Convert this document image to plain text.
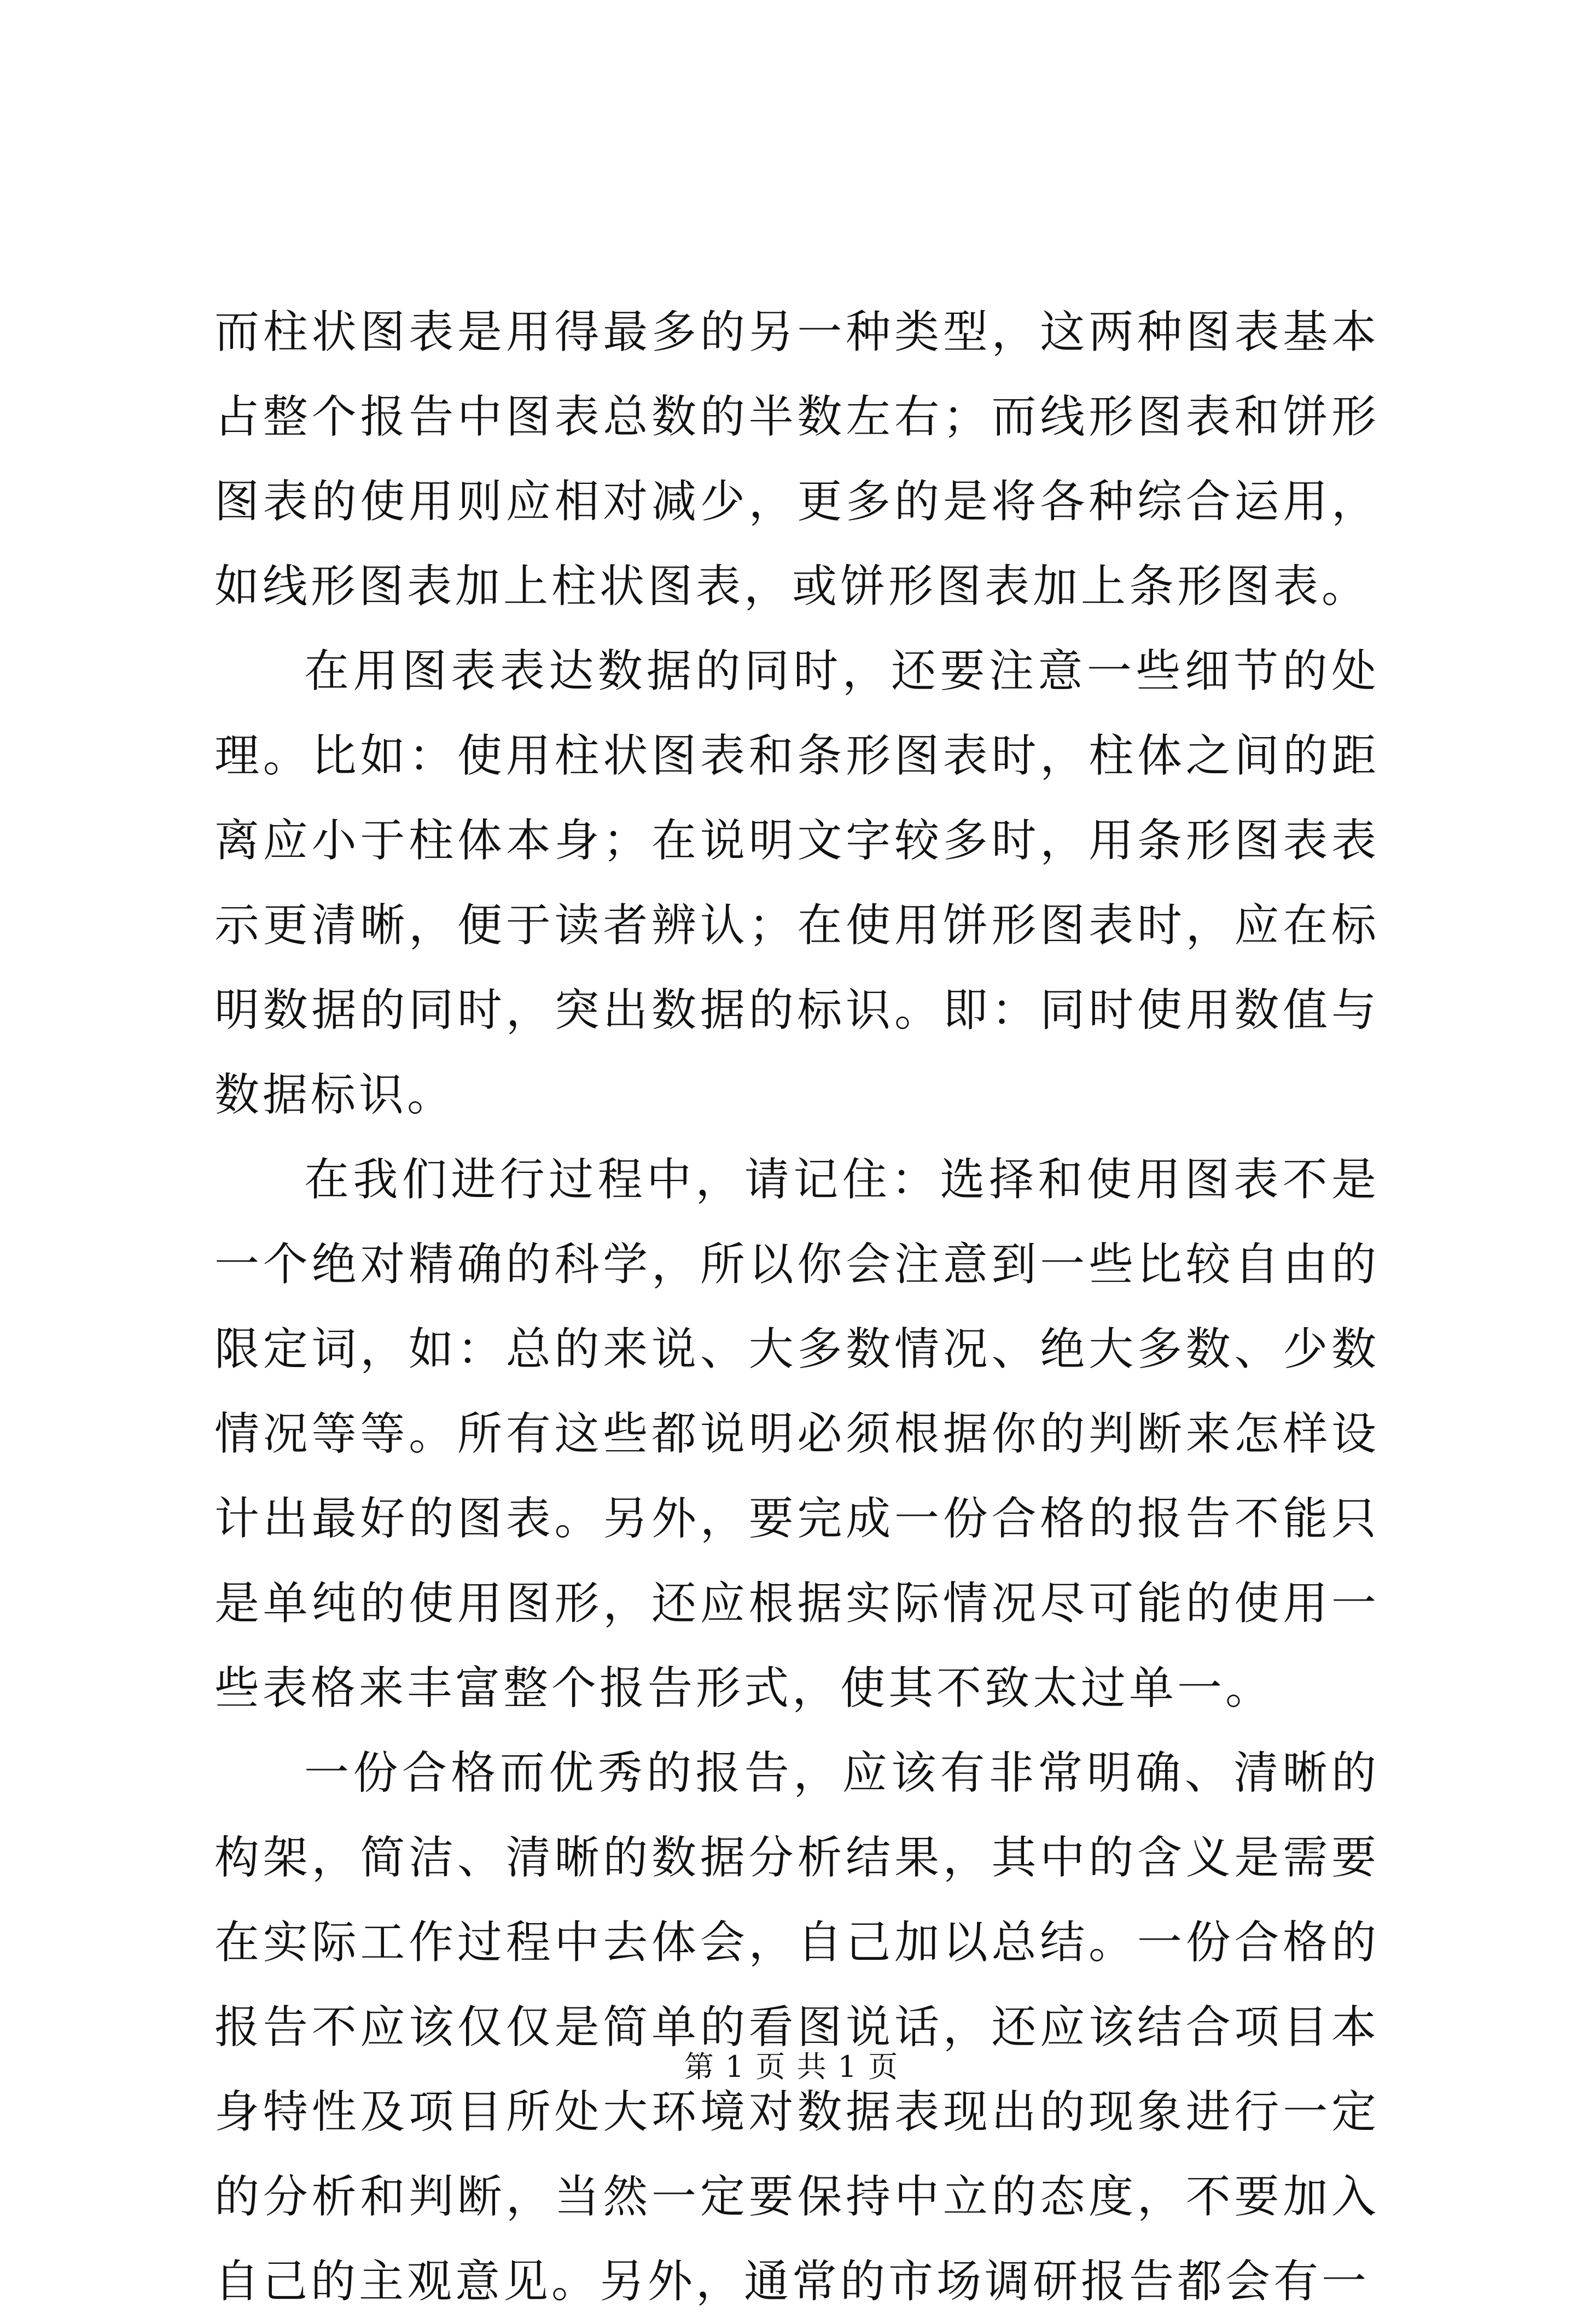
而柱状图表是用得最多的另一种类型，这两种图表基本占整个报告中图表总数的半数左右；而线形图表和饼形图表的使用则应相对减少，更多的是将各种综合运用，如线形图表加上柱状图表，或饼形图表加上条形图表。

在用图表表达数据的同时，还要注意一些细节的处理。比如：使用柱状图表和条形图表时，柱体之间的距离应小于柱体本身；在说明文字较多时，用条形图表表示更清晰，便于读者辨认；在使用饼形图表时，应在标明数据的同时，突出数据的标识。即：同时使用数值与数据标识。

在我们进行过程中，请记住：选择和使用图表不是一个绝对精确的科学，所以你会注意到一些比较自由的限定词，如：总的来说、大多数情况、绝大多数、少数情况等等。所有这些都说明必须根据你的判断来怎样设计出最好的图表。另外，要完成一份合格的报告不能只是单纯的使用图形，还应根据实际情况尽可能的使用一些表格来丰富整个报告形式，使其不致太过单一。

一份合格而优秀的报告，应该有非常明确、清晰的构架，简洁、清晰的数据分析结果，其中的含义是需要在实际工作过程中去体会，自己加以总结。一份合格的报告不应该仅仅是简单的看图说话，还应该结合项目本身特性及项目所处大环境对数据表现出的现象进行一定的分析和判断，当然一定要保持中立的态度，不要加入自己的主观意见。另外，通常的市场调研报告都会有一

第 1 页 共 1 页
